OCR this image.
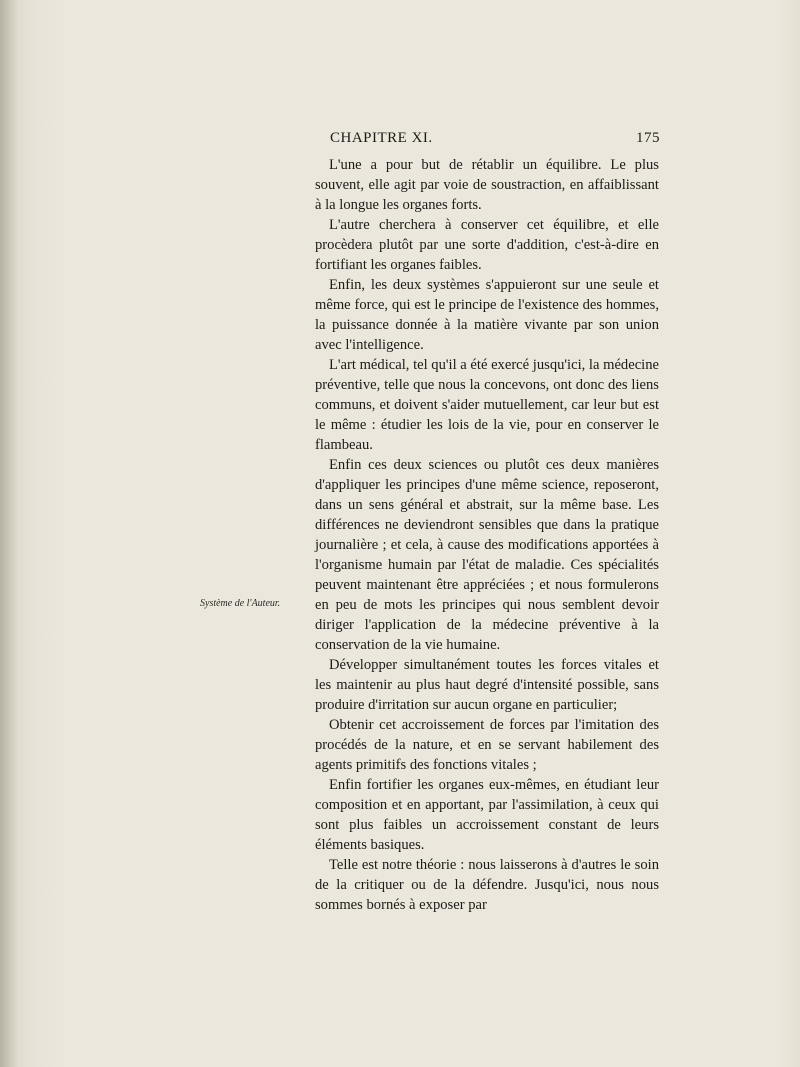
CHAPITRE XI.	175
Système de l'Auteur.

L'une a pour but de rétablir un équilibre. Le plus souvent, elle agit par voie de soustraction, en affaiblissant à la longue les organes forts.

L'autre cherchera à conserver cet équilibre, et elle procèdera plutôt par une sorte d'addition, c'est-à-dire en fortifiant les organes faibles.

Enfin, les deux systèmes s'appuieront sur une seule et même force, qui est le principe de l'existence des hommes, la puissance donnée à la matière vivante par son union avec l'intelligence.

L'art médical, tel qu'il a été exercé jusqu'ici, la médecine préventive, telle que nous la concevons, ont donc des liens communs, et doivent s'aider mutuellement, car leur but est le même : étudier les lois de la vie, pour en conserver le flambeau.

Enfin ces deux sciences ou plutôt ces deux manières d'appliquer les principes d'une même science, reposeront, dans un sens général et abstrait, sur la même base. Les différences ne deviendront sensibles que dans la pratique journalière ; et cela, à cause des modifications apportées à l'organisme humain par l'état de maladie. Ces spécialités peuvent maintenant être appréciées ; et nous formulerons en peu de mots les principes qui nous semblent devoir diriger l'application de la médecine préventive à la conservation de la vie humaine.

Développer simultanément toutes les forces vitales et les maintenir au plus haut degré d'intensité possible, sans produire d'irritation sur aucun organe en particulier;

Obtenir cet accroissement de forces par l'imitation des procédés de la nature, et en se servant habilement des agents primitifs des fonctions vitales ;

Enfin fortifier les organes eux-mêmes, en étudiant leur composition et en apportant, par l'assimilation, à ceux qui sont plus faibles un accroissement constant de leurs éléments basiques.

Telle est notre théorie : nous laisserons à d'autres le soin de la critiquer ou de la défendre. Jusqu'ici, nous nous sommes bornés à exposer par
